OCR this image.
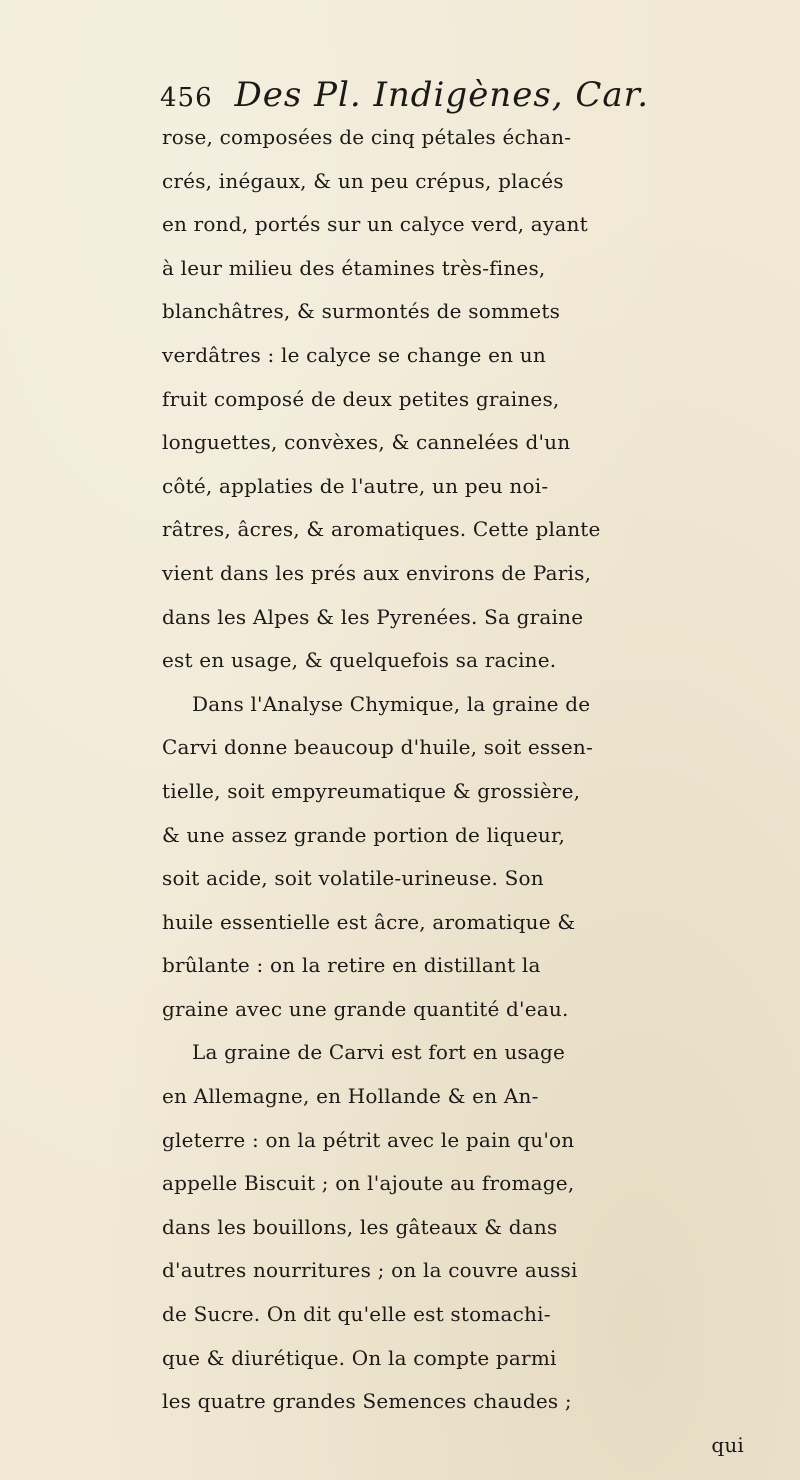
456 Des Pl. Indigènes, Car.
rose, composées de cinq pétales échan-
crés, inégaux, & un peu crépus, placés
en rond, portés sur un calyce verd, ayant
à leur milieu des étamines très-fines,
blanchâtres, & surmontés de sommets
verdâtres : le calyce se change en un
fruit composé de deux petites graines,
longuettes, convèxes, & cannelées d'un
côté, applaties de l'autre, un peu noi-
râtres, âcres, & aromatiques. Cette plante
vient dans les prés aux environs de Paris,
dans les Alpes & les Pyrenées. Sa graine
est en usage, & quelquefois sa racine.
Dans l'Analyse Chymique, la graine de
Carvi donne beaucoup d'huile, soit essen-
tielle, soit empyreumatique & grossière,
& une assez grande portion de liqueur,
soit acide, soit volatile-urineuse. Son
huile essentielle est âcre, aromatique &
brûlante : on la retire en distillant la
graine avec une grande quantité d'eau.
La graine de Carvi est fort en usage
en Allemagne, en Hollande & en An-
gleterre : on la pétrit avec le pain qu'on
appelle Biscuit ; on l'ajoute au fromage,
dans les bouillons, les gâteaux & dans
d'autres nourritures ; on la couvre aussi
de Sucre. On dit qu'elle est stomachi-
que & diurétique. On la compte parmi
les quatre grandes Semences chaudes ;
qui
